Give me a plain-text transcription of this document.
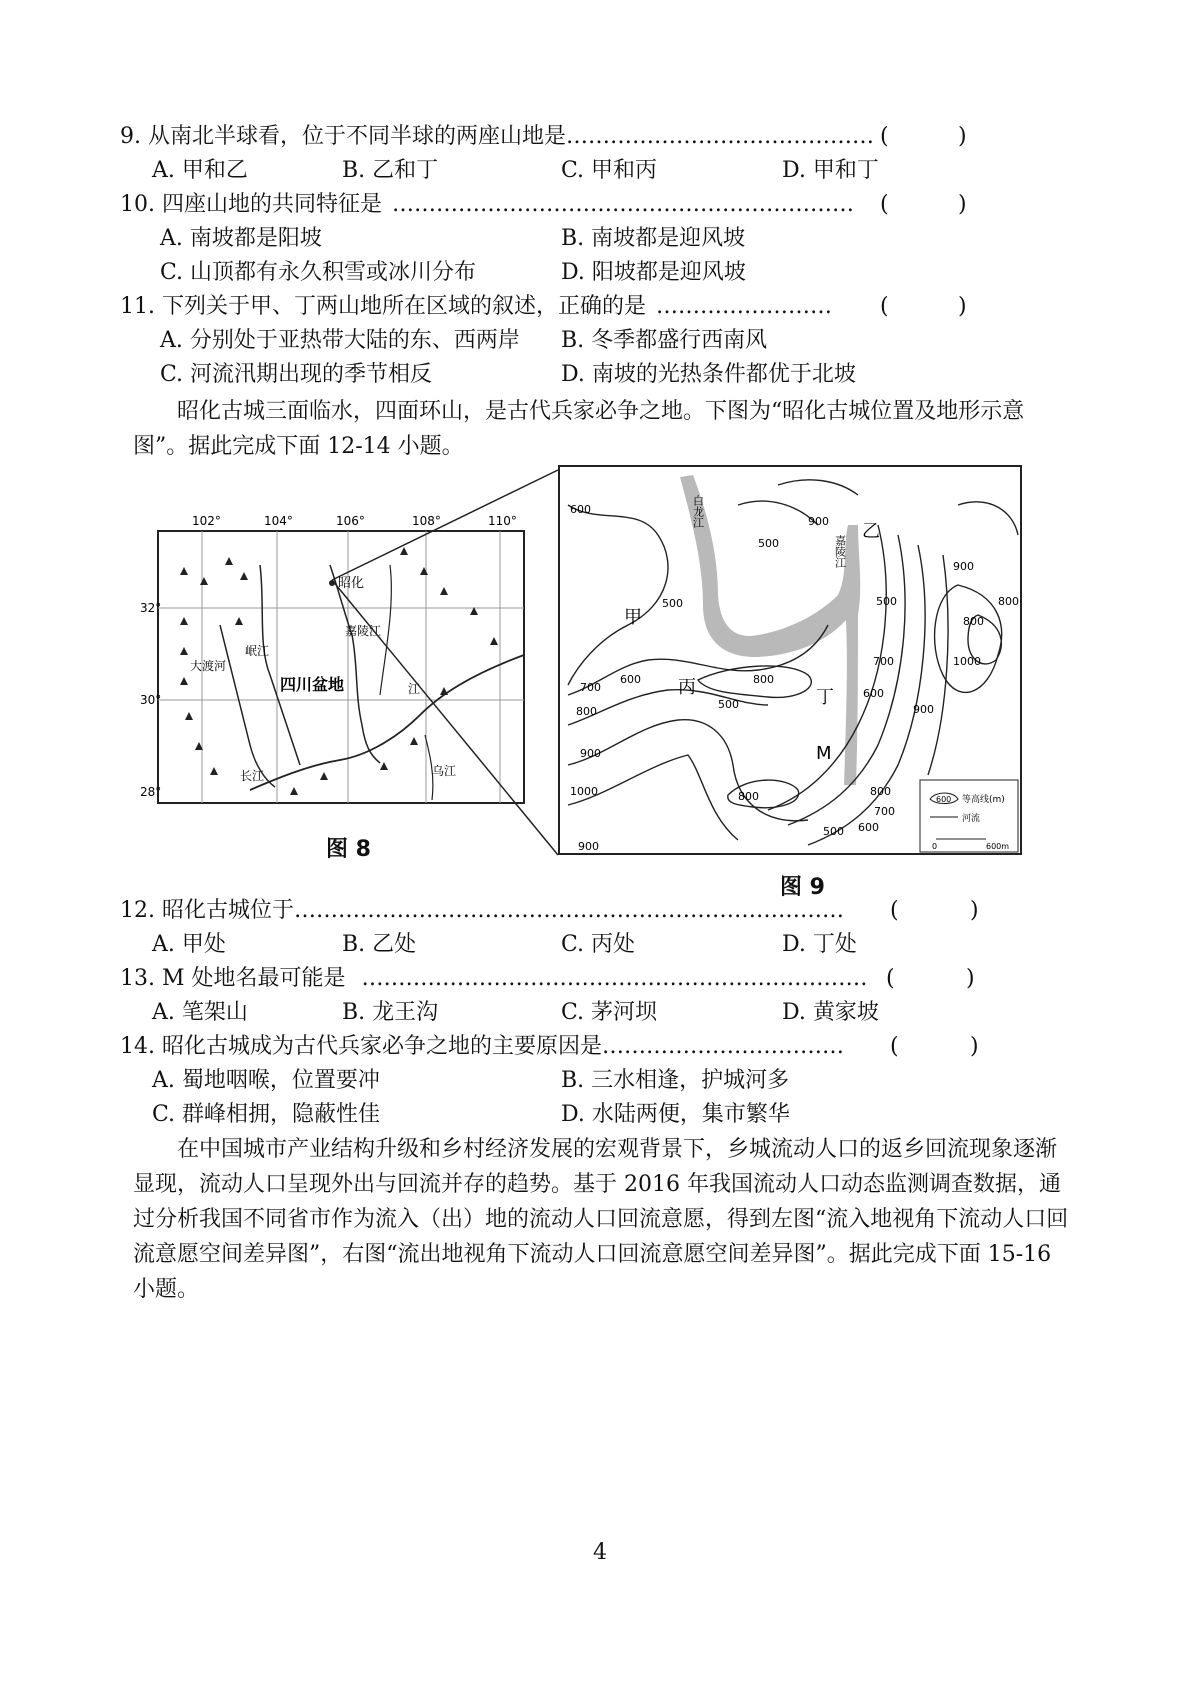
9. 从南北半球看，位于不同半球的两座山地是…………………………………… (	)
A. 甲和乙	B. 乙和丁	C. 甲和丙	D. 甲和丁
10. 四座山地的共同特征是 ……………………………………………………… (	)
A. 南坡都是阳坡	B. 南坡都是迎风坡
C. 山顶都有永久积雪或冰川分布	D. 阳坡都是迎风坡
11. 下列关于甲、丁两山地所在区域的叙述，正确的是 …………………… (	)
A. 分别处于亚热带大陆的东、西两岸 B. 冬季都盛行西南风
C. 河流汛期出现的季节相反	D. 南坡的光热条件都优于北坡
昭化古城三面临水，四面环山，是古代兵家必争之地。下图为“昭化古城位置及地形示意图”。据此完成下面 12-14 小题。
102°	104°	106°	108°	110°
32°
30°
28°
昭化
四川盆地
嘉陵江
岷江
大渡河
长江	乌江
江
图 8
600
500
500
600
700
800
900
500
900
800
1000
700
600
800
500
900
800
900
1000	800
700
600
500
900
800
甲
乙
丙	丁
M
白龙江
嘉陵江
600 等高线(m)
河流
0	600m
图 9
12. 昭化古城位于………………………………………………………………… (	)
A. 甲处	B. 乙处	C. 丙处	D. 丁处
13. M 处地名最可能是 …………………………………………………………… (	)
A. 笔架山	B. 龙王沟	C. 茅河坝	D. 黄家坡
14. 昭化古城成为古代兵家必争之地的主要原因是…………………………… (	)
A. 蜀地咽喉，位置要冲	B. 三水相逢，护城河多
C. 群峰相拥，隐蔽性佳	D. 水陆两便，集市繁华
在中国城市产业结构升级和乡村经济发展的宏观背景下，乡城流动人口的返乡回流现象逐渐显现，流动人口呈现外出与回流并存的趋势。基于 2016 年我国流动人口动态监测调查数据，通过分析我国不同省市作为流入（出）地的流动人口回流意愿，得到左图“流入地视角下流动人口回流意愿空间差异图”，右图“流出地视角下流动人口回流意愿空间差异图”。据此完成下面 15-16 小题。
4
